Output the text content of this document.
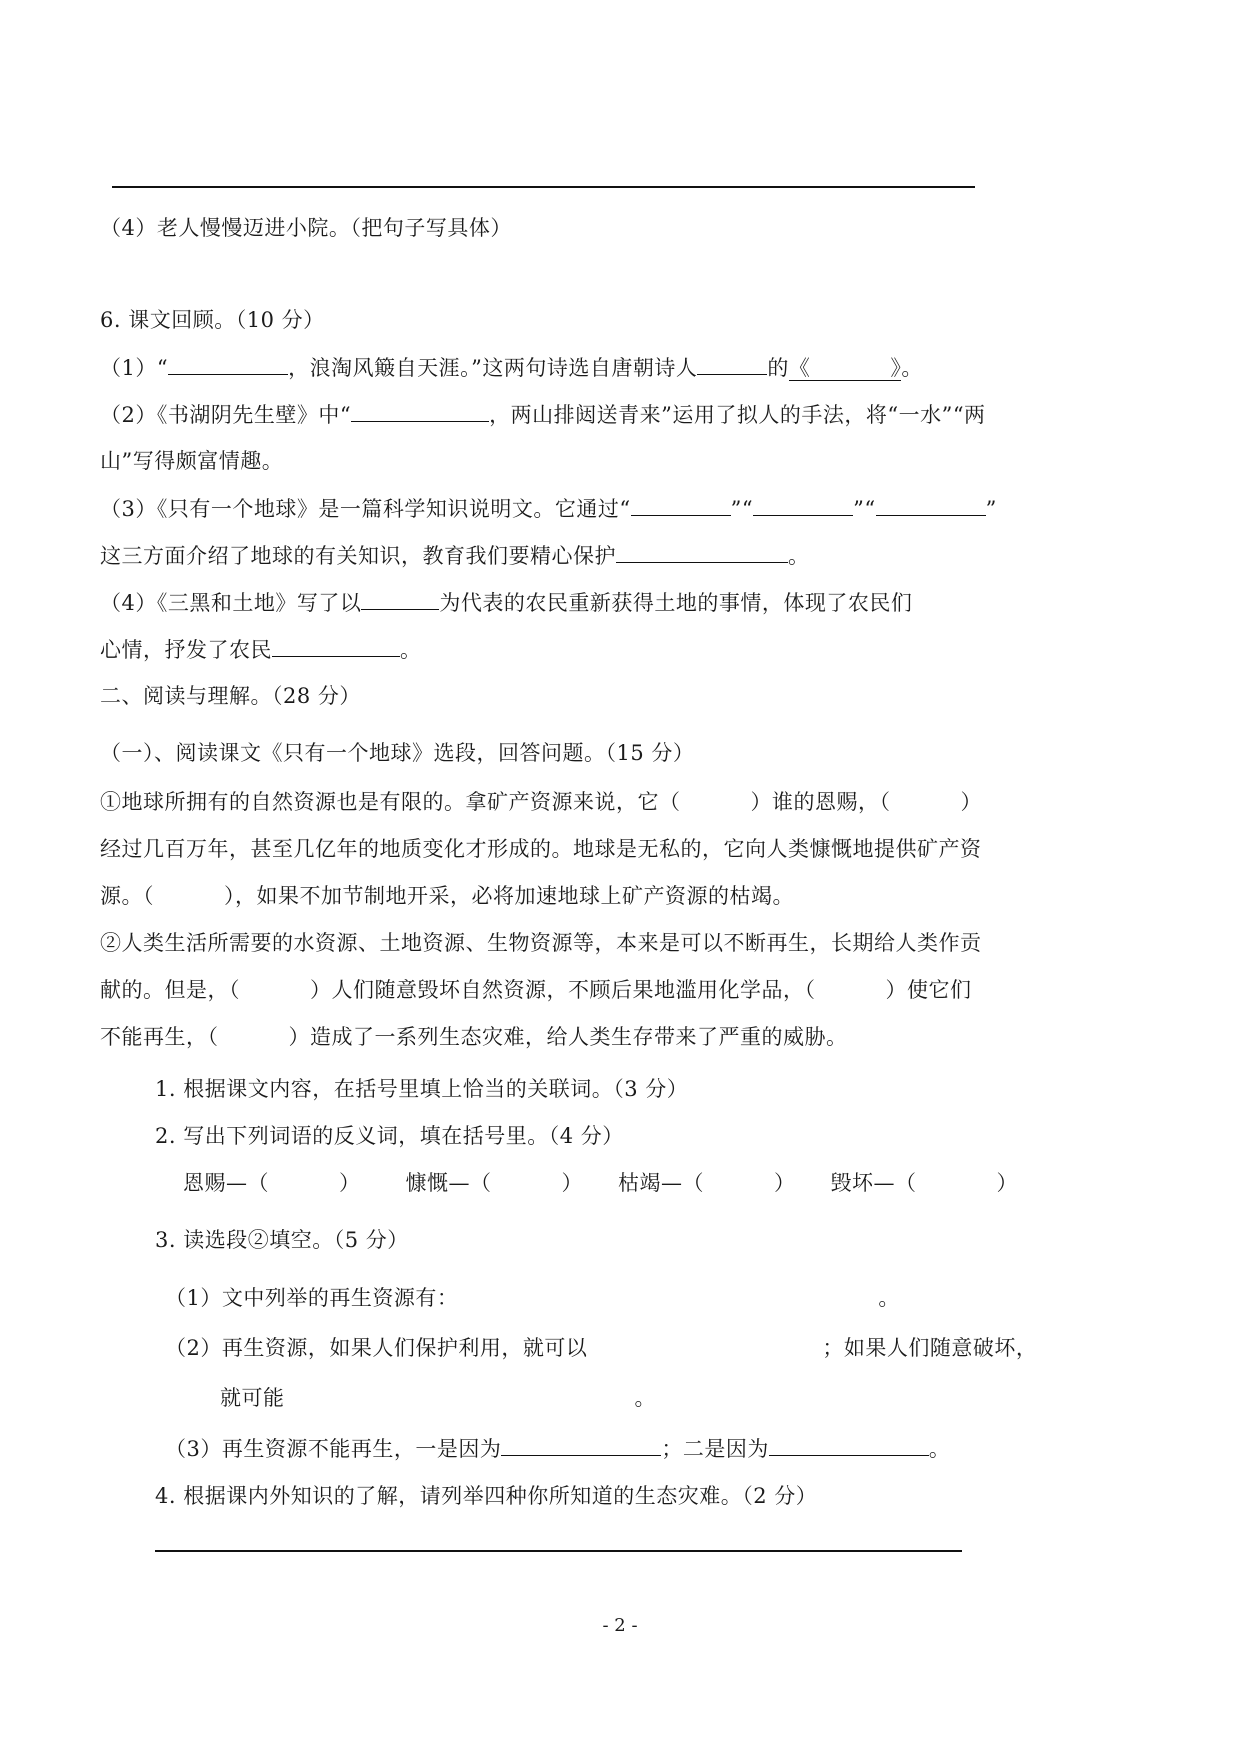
（4）老人慢慢迈进小院。（把句子写具体）
6. 课文回顾。（10 分）
（1）“	，浪淘风簸自天涯。”这两句诗选自唐朝诗人	的《	》。
（2）《书湖阴先生壁》中“	，两山排闼送青来”运用了拟人的手法，将“一水”“两
山”写得颇富情趣。
（3）《只有一个地球》是一篇科学知识说明文。它通过“	”“	”“	”
这三方面介绍了地球的有关知识，教育我们要精心保护	。
（4）《三黑和土地》写了以	为代表的农民重新获得土地的事情，体现了农民们
心情，抒发了农民	。
二、阅读与理解。（28 分）
（一）、阅读课文《只有一个地球》选段，回答问题。（15 分）
①地球所拥有的自然资源也是有限的。拿矿产资源来说，它（	）谁的恩赐，（	）
经过几百万年，甚至几亿年的地质变化才形成的。地球是无私的，它向人类慷慨地提供矿产资
源。（	），如果不加节制地开采，必将加速地球上矿产资源的枯竭。
②人类生活所需要的水资源、土地资源、生物资源等，本来是可以不断再生，长期给人类作贡
献的。但是，（	）人们随意毁坏自然资源，不顾后果地滥用化学品，（	）使它们
不能再生，（	）造成了一系列生态灾难，给人类生存带来了严重的威胁。
1. 根据课文内容，在括号里填上恰当的关联词。（3 分）
2. 写出下列词语的反义词，填在括号里。（4 分）
恩赐—（	） 慷慨—（	） 枯竭—（	） 毁坏—（	）
3. 读选段②填空。（5 分）
（1）文中列举的再生资源有：	。
（2）再生资源，如果人们保护利用，就可以	；如果人们随意破坏，
就可能	。
（3）再生资源不能再生，一是因为	；二是因为	。
4. 根据课内外知识的了解，请列举四种你所知道的生态灾难。（2 分）
- 2 -
